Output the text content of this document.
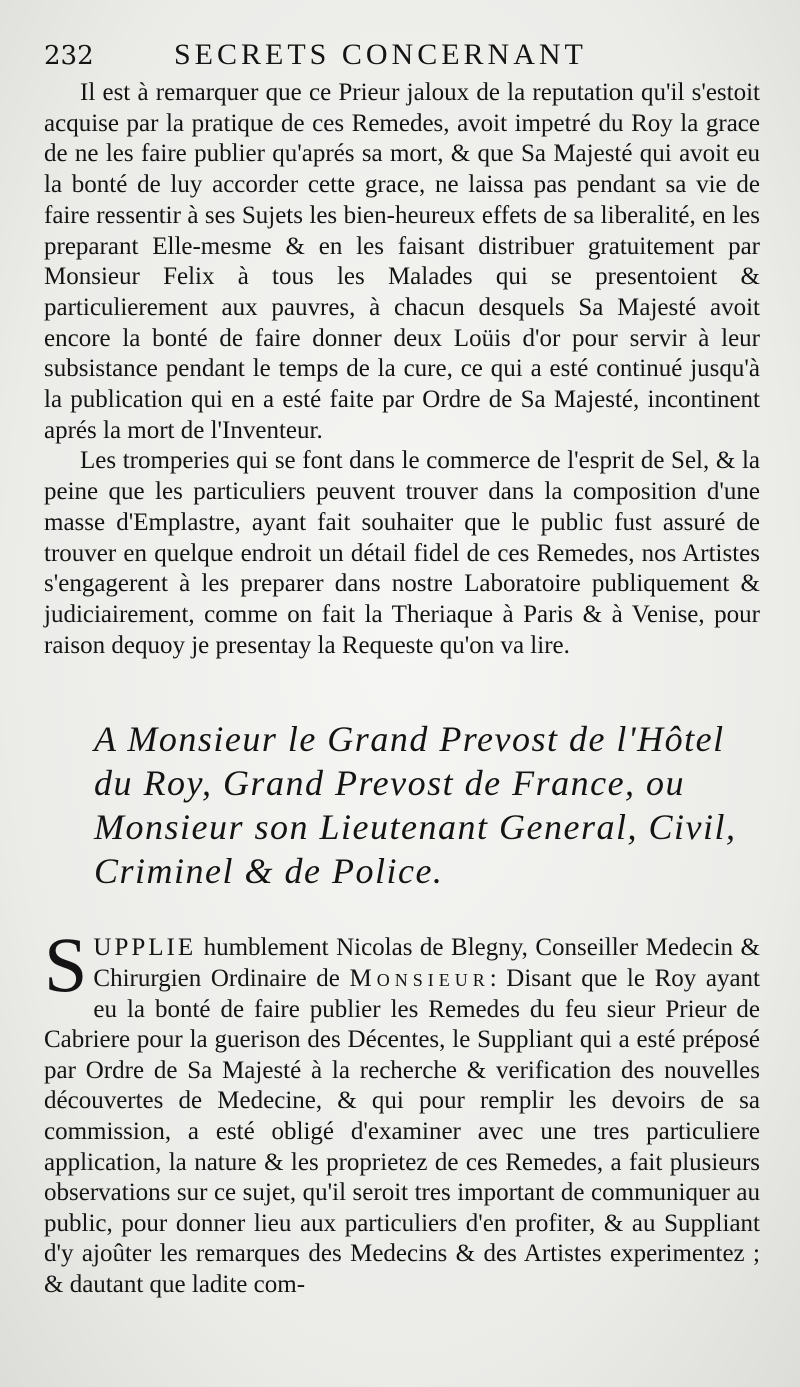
232	SECRETS CONCERNANT

Il est à remarquer que ce Prieur jaloux de la reputation qu'il s'estoit acquise par la pratique de ces Remedes, avoit impetré du Roy la grace de ne les faire publier qu'aprés sa mort, & que Sa Majesté qui avoit eu la bonté de luy accorder cette grace, ne laissa pas pendant sa vie de faire ressentir à ses Sujets les bien-heureux effets de sa liberalité, en les preparant Elle-mesme & en les faisant distribuer gratuitement par Monsieur Felix à tous les Malades qui se presentoient & particulierement aux pauvres, à chacun desquels Sa Majesté avoit encore la bonté de faire donner deux Loüis d'or pour servir à leur subsistance pendant le temps de la cure, ce qui a esté continué jusqu'à la publication qui en a esté faite par Ordre de Sa Majesté, incontinent aprés la mort de l'Inventeur.

Les tromperies qui se font dans le commerce de l'esprit de Sel, & la peine que les particuliers peuvent trouver dans la composition d'une masse d'Emplastre, ayant fait souhaiter que le public fust assuré de trouver en quelque endroit un détail fidel de ces Remedes, nos Artistes s'engagerent à les preparer dans nostre Laboratoire publiquement & judiciairement, comme on fait la Theriaque à Paris & à Venise, pour raison dequoy je presentay la Requeste qu'on va lire.

A Monsieur le Grand Prevost de l'Hôtel du Roy, Grand Prevost de France, ou Monsieur son Lieutenant General, Civil, Criminel & de Police.
SUPPLIE humblement Nicolas de Blegny, Conseiller Medecin & Chirurgien Ordinaire de Monsieur: Disant que le Roy ayant eu la bonté de faire publier les Remedes du feu sieur Prieur de Cabriere pour la guerison des Décentes, le Suppliant qui a esté préposé par Ordre de Sa Majesté à la recherche & verification des nouvelles découvertes de Medecine, & qui pour remplir les devoirs de sa commission, a esté obligé d'examiner avec une tres particuliere application, la nature & les proprietez de ces Remedes, a fait plusieurs observations sur ce sujet, qu'il seroit tres important de communiquer au public, pour donner lieu aux particuliers d'en profiter, & au Suppliant d'y ajoûter les remarques des Medecins & des Artistes experimentez ; & dautant que ladite com-
